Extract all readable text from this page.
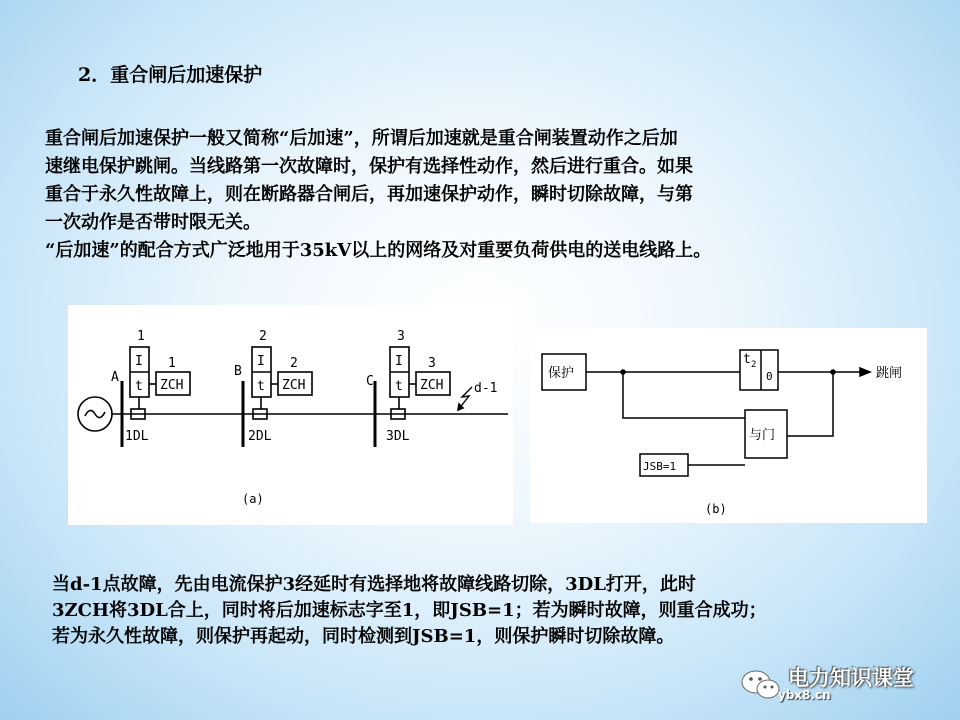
2．重合闸后加速保护

重合闸后加速保护一般又简称“后加速”，所谓后加速就是重合闸装置动作之后加
速继电保护跳闸。当线路第一次故障时，保护有选择性动作，然后进行重合。如果
重合于永久性故障上，则在断路器合闸后，再加速保护动作，瞬时切除故障，与第
一次动作是否带时限无关。
“后加速”的配合方式广泛地用于35kV以上的网络及对重要负荷供电的送电线路上。

1
I
t
1
ZCH
A
1DL
2
I
t
2
ZCH
B
2DL
3
I
t
3
ZCH
C
3DL
d-1
(a)
保护
t 2
0	跳闸
与门
JSB=1
(b)

当d-1点故障，先由电流保护3经延时有选择地将故障线路切除，3DL打开，此时
3ZCH将3DL合上，同时将后加速标志字至1，即JSB=1；若为瞬时故障，则重合成功；
若为永久性故障，则保护再起动，同时检测到JSB=1，则保护瞬时切除故障。

电力知识课堂
ybx8.cn
